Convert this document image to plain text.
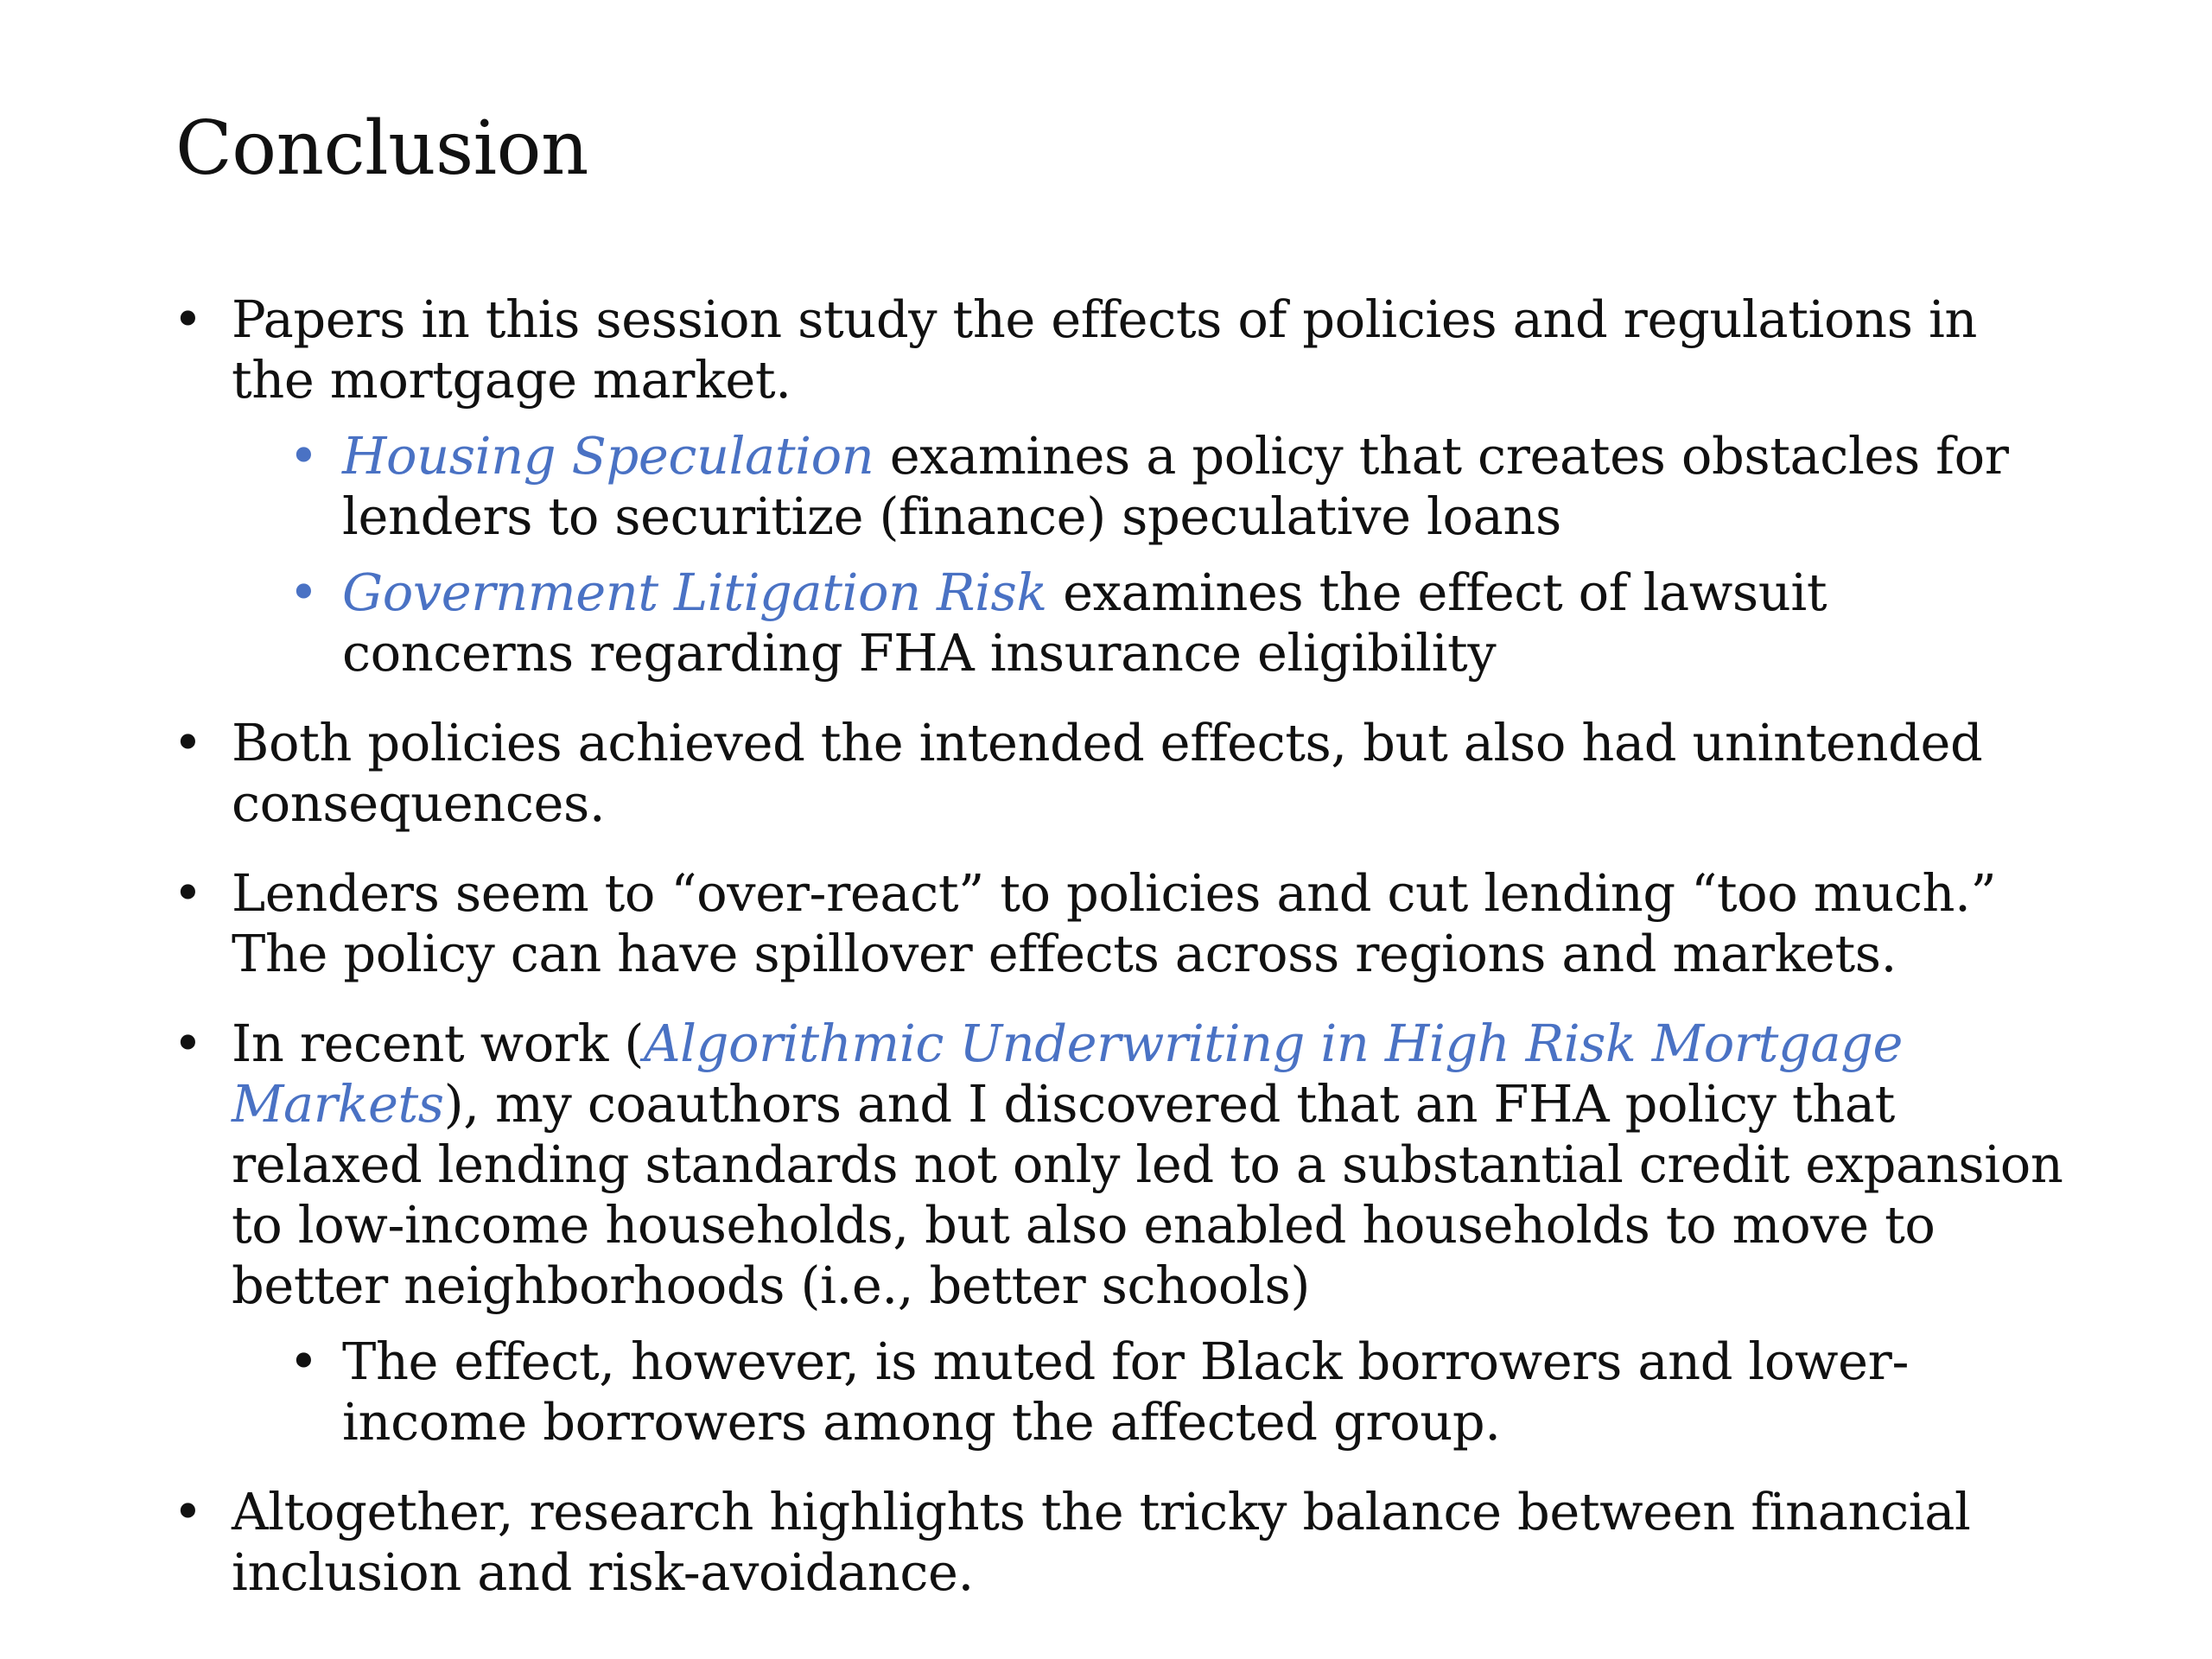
Conclusion
• Papers in this session study the effects of policies and regulations in the mortgage market.
• Housing Speculation examines a policy that creates obstacles for lenders to securitize (finance) speculative loans
• Government Litigation Risk examines the effect of lawsuit concerns regarding FHA insurance eligibility
• Both policies achieved the intended effects, but also had unintended consequences.
• Lenders seem to “over-react” to policies and cut lending “too much.” The policy can have spillover effects across regions and markets.
• In recent work (Algorithmic Underwriting in High Risk Mortgage Markets), my coauthors and I discovered that an FHA policy that relaxed lending standards not only led to a substantial credit expansion to low-income households, but also enabled households to move to better neighborhoods (i.e., better schools)
• The effect, however, is muted for Black borrowers and lower-income borrowers among the affected group.
• Altogether, research highlights the tricky balance between financial inclusion and risk-avoidance.
